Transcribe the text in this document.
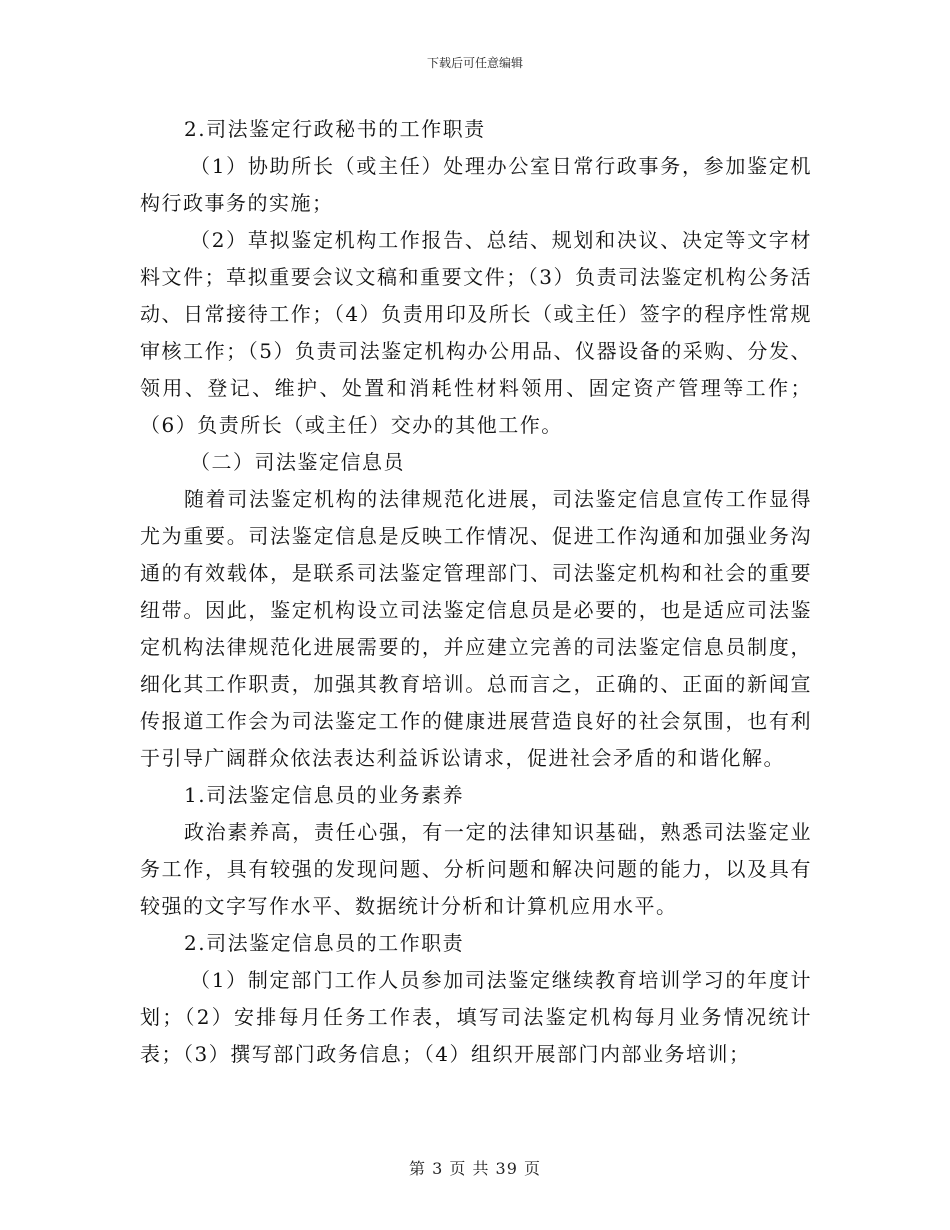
下载后可任意编辑

2.司法鉴定行政秘书的工作职责

（1）协助所长（或主任）处理办公室日常行政事务，参加鉴定机构行政事务的实施；

（2）草拟鉴定机构工作报告、总结、规划和决议、决定等文字材料文件；草拟重要会议文稿和重要文件；（3）负责司法鉴定机构公务活动、日常接待工作；（4）负责用印及所长（或主任）签字的程序性常规审核工作；（5）负责司法鉴定机构办公用品、仪器设备的采购、分发、领用、登记、维护、处置和消耗性材料领用、固定资产管理等工作；（6）负责所长（或主任）交办的其他工作。

（二）司法鉴定信息员

随着司法鉴定机构的法律规范化进展，司法鉴定信息宣传工作显得尤为重要。司法鉴定信息是反映工作情况、促进工作沟通和加强业务沟通的有效载体，是联系司法鉴定管理部门、司法鉴定机构和社会的重要纽带。因此，鉴定机构设立司法鉴定信息员是必要的，也是适应司法鉴定机构法律规范化进展需要的，并应建立完善的司法鉴定信息员制度，细化其工作职责，加强其教育培训。总而言之，正确的、正面的新闻宣传报道工作会为司法鉴定工作的健康进展营造良好的社会氛围，也有利于引导广阔群众依法表达利益诉讼请求，促进社会矛盾的和谐化解。

1.司法鉴定信息员的业务素养

政治素养高，责任心强，有一定的法律知识基础，熟悉司法鉴定业务工作，具有较强的发现问题、分析问题和解决问题的能力，以及具有较强的文字写作水平、数据统计分析和计算机应用水平。

2.司法鉴定信息员的工作职责

（1）制定部门工作人员参加司法鉴定继续教育培训学习的年度计划；（2）安排每月任务工作表，填写司法鉴定机构每月业务情况统计表；（3）撰写部门政务信息；（4）组织开展部门内部业务培训；

第 3 页 共 39 页
